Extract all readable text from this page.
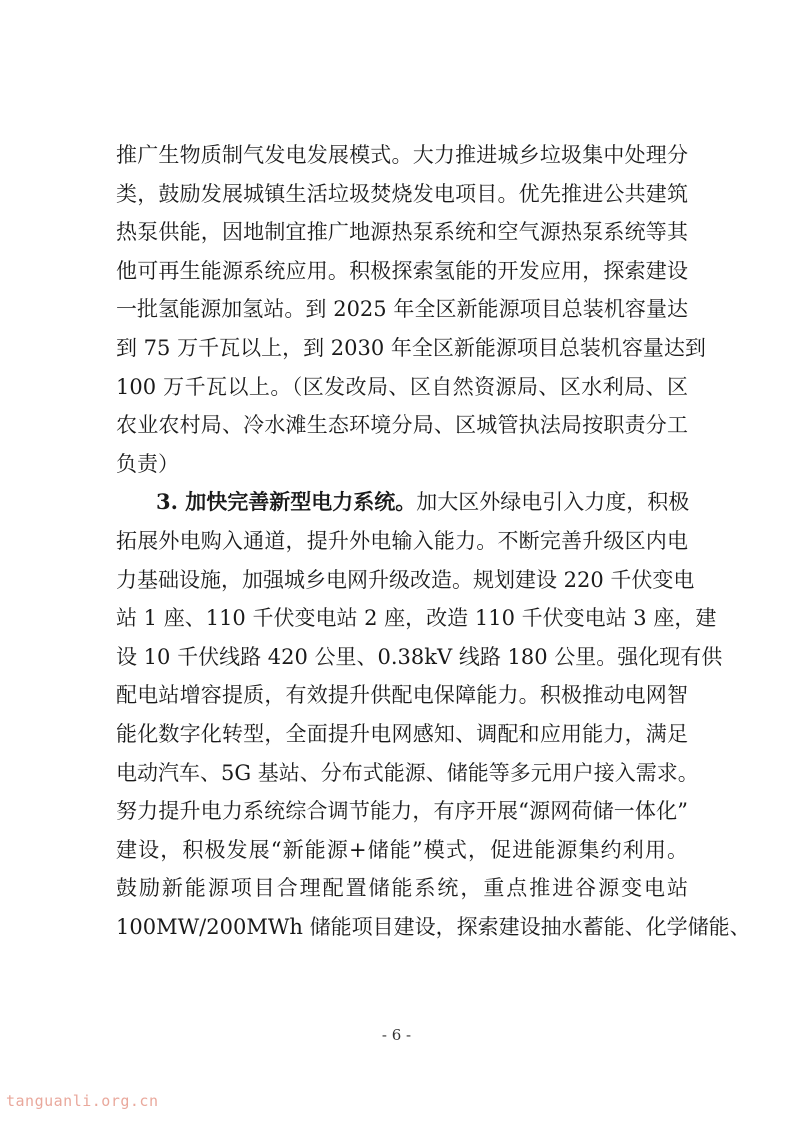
推广生物质制气发电发展模式。大力推进城乡垃圾集中处理分
类，鼓励发展城镇生活垃圾焚烧发电项目。优先推进公共建筑
热泵供能，因地制宜推广地源热泵系统和空气源热泵系统等其
他可再生能源系统应用。积极探索氢能的开发应用，探索建设
一批氢能源加氢站。到 2025 年全区新能源项目总装机容量达
到 75 万千瓦以上，到 2030 年全区新能源项目总装机容量达到
100 万千瓦以上。（区发改局、区自然资源局、区水利局、区
农业农村局、冷水滩生态环境分局、区城管执法局按职责分工
负责）
3. 加快完善新型电力系统。加大区外绿电引入力度，积极
拓展外电购入通道，提升外电输入能力。不断完善升级区内电
力基础设施，加强城乡电网升级改造。规划建设 220 千伏变电
站 1 座、110 千伏变电站 2 座，改造 110 千伏变电站 3 座，建
设 10 千伏线路 420 公里、0.38kV 线路 180 公里。强化现有供
配电站增容提质，有效提升供配电保障能力。积极推动电网智
能化数字化转型，全面提升电网感知、调配和应用能力，满足
电动汽车、5G 基站、分布式能源、储能等多元用户接入需求。
努力提升电力系统综合调节能力，有序开展“源网荷储一体化”
建设，积极发展“新能源+储能”模式，促进能源集约利用。
鼓励新能源项目合理配置储能系统，重点推进谷源变电站
100MW/200MWh 储能项目建设，探索建设抽水蓄能、化学储能、
- 6 -
tanguanli.org.cn
